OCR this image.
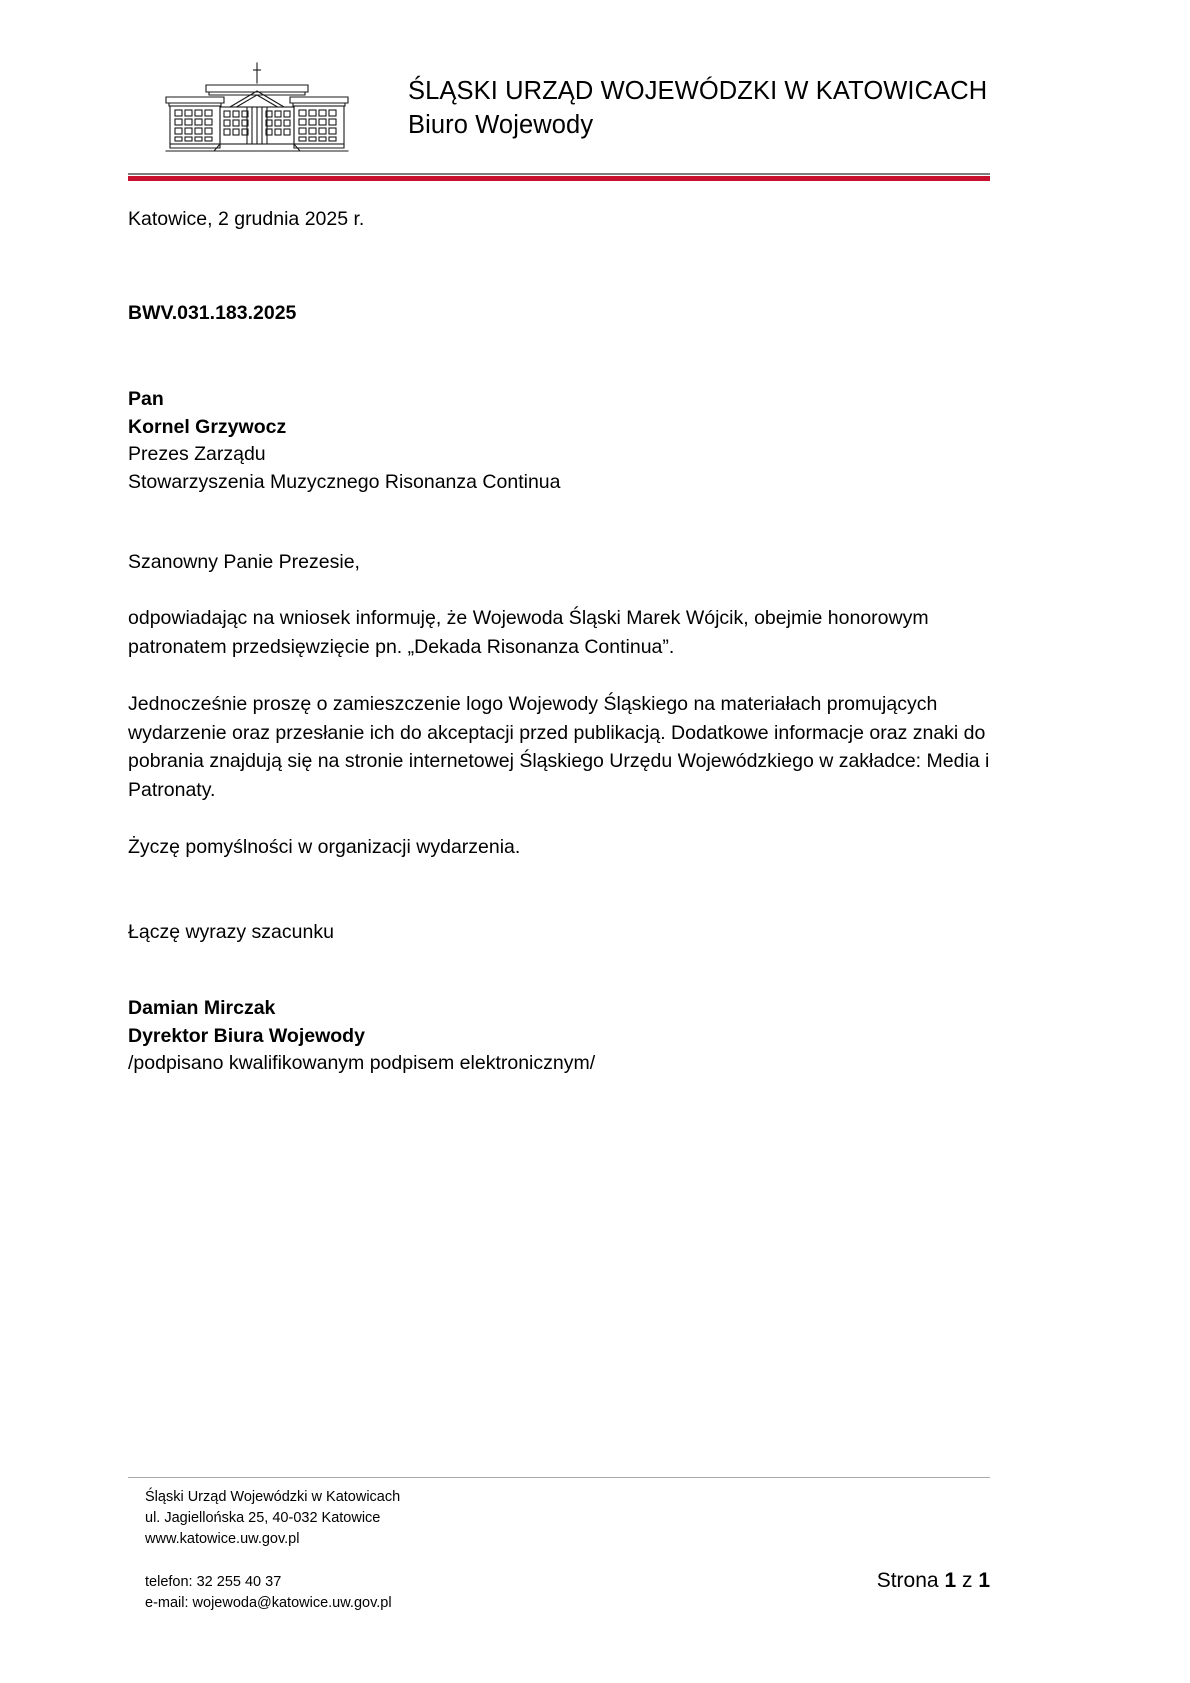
ŚLĄSKI URZĄD WOJEWÓDZKI W KATOWICACH
Biuro Wojewody

Katowice, 2 grudnia 2025 r.

BWV.031.183.2025

Pan

Kornel Grzywocz

Prezes Zarządu

Stowarzyszenia Muzycznego Risonanza Continua

Szanowny Panie Prezesie,

odpowiadając na wniosek informuję, że Wojewoda Śląski Marek Wójcik, obejmie honorowym patronatem przedsięwzięcie pn. „Dekada Risonanza Continua”.

Jednocześnie proszę o zamieszczenie logo Wojewody Śląskiego na materiałach promujących wydarzenie oraz przesłanie ich do akceptacji przed publikacją. Dodatkowe informacje oraz znaki do pobrania znajdują się na stronie internetowej Śląskiego Urzędu Wojewódzkiego w zakładce: Media i Patronaty.

Życzę pomyślności w organizacji wydarzenia.

Łączę wyrazy szacunku

Damian Mirczak

Dyrektor Biura Wojewody

/podpisano kwalifikowanym podpisem elektronicznym/

Śląski Urząd Wojewódzki w Katowicach

ul. Jagiellońska 25, 40-032 Katowice

www.katowice.uw.gov.pl

telefon: 32 255 40 37

e-mail: wojewoda@katowice.uw.gov.pl

Strona 1 z 1
